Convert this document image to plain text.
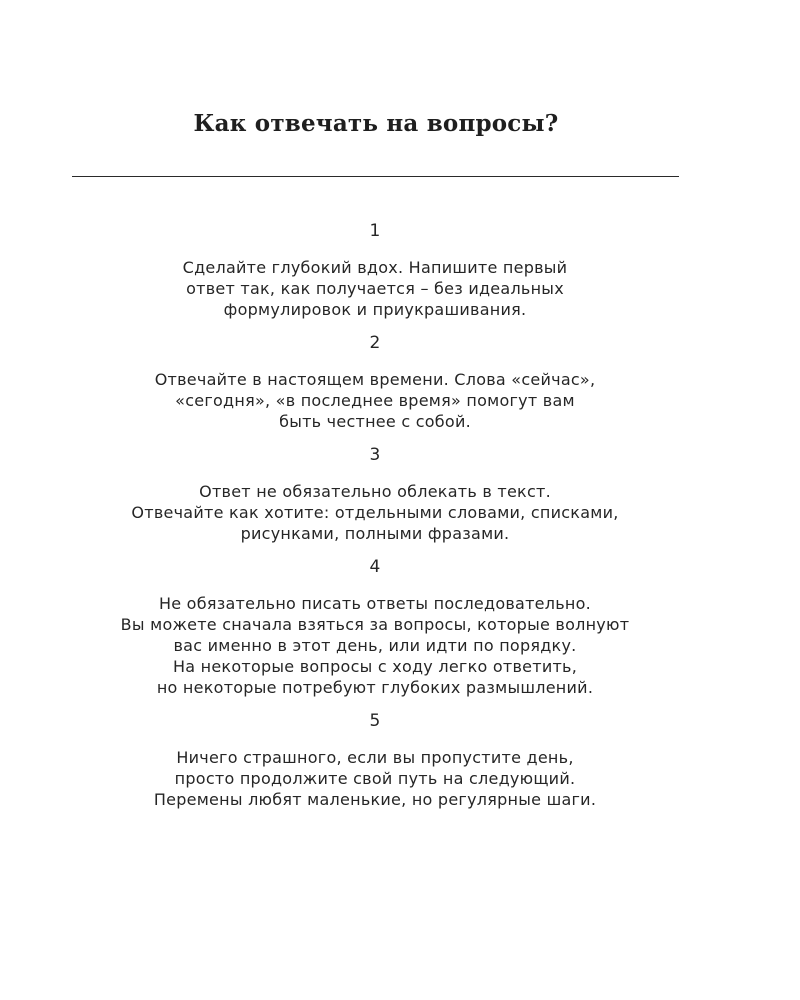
Как отвечать на вопросы?
1
Сделайте глубокий вдох. Напишите первый
ответ так, как получается – без идеальных
формулировок и приукрашивания.
2
Отвечайте в настоящем времени. Слова «сейчас»,
«сегодня», «в последнее время» помогут вам
быть честнее с собой.
3
Ответ не обязательно облекать в текст.
Отвечайте как хотите: отдельными словами, списками,
рисунками, полными фразами.
4
Не обязательно писать ответы последовательно.
Вы можете сначала взяться за вопросы, которые волнуют
вас именно в этот день, или идти по порядку.
На некоторые вопросы с ходу легко ответить,
но некоторые потребуют глубоких размышлений.
5
Ничего страшного, если вы пропустите день,
просто продолжите свой путь на следующий.
Перемены любят маленькие, но регулярные шаги.
